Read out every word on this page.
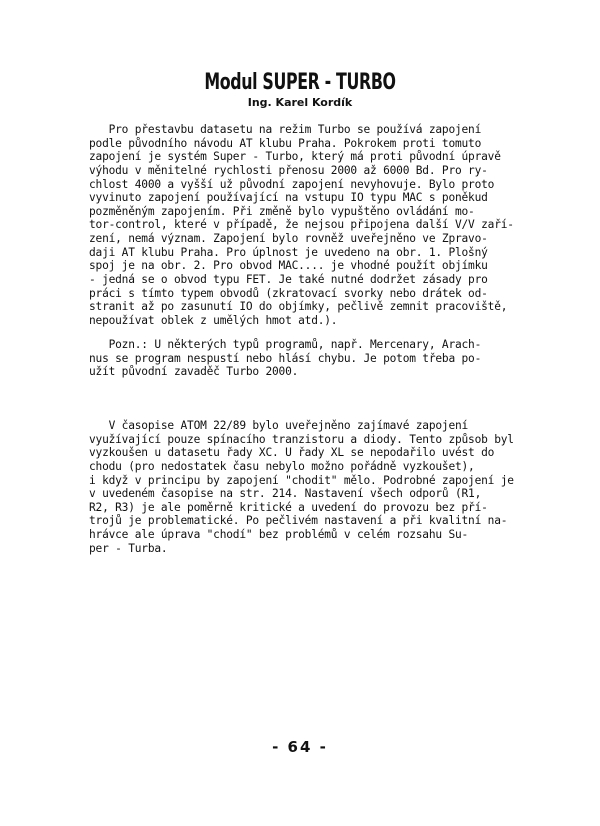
Modul SUPER - TURBO
Ing. Karel Kordík
Pro přestavbu datasetu na režim Turbo se používá zapojení
podle původního návodu AT klubu Praha. Pokrokem proti tomuto
zapojení je systém Super - Turbo, který má proti původní úpravě
výhodu v měnitelné rychlosti přenosu 2000 až 6000 Bd. Pro ry-
chlost 4000 a vyšší už původní zapojení nevyhovuje. Bylo proto
vyvinuto zapojení používající na vstupu IO typu MAC s poněkud
pozměněným zapojením. Při změně bylo vypuštěno ovládání mo-
tor-control, které v případě, že nejsou připojena další V/V zaří-
zení, nemá význam. Zapojení bylo rovněž uveřejněno ve Zpravo-
daji AT klubu Praha. Pro úplnost je uvedeno na obr. 1. Plošný
spoj je na obr. 2. Pro obvod MAC.... je vhodné použít objímku
- jedná se o obvod typu FET. Je také nutné dodržet zásady pro
práci s tímto typem obvodů (zkratovací svorky nebo drátek od-
stranit až po zasunutí IO do objímky, pečlivě zemnit pracoviště,
nepoužívat oblek z umělých hmot atd.).
Pozn.: U některých typů programů, např. Mercenary, Arach-
nus se program nespustí nebo hlásí chybu. Je potom třeba po-
užít původní zavaděč Turbo 2000.
V časopise ATOM 22/89 bylo uveřejněno zajímavé zapojení
využívající pouze spínacího tranzistoru a diody. Tento způsob byl
vyzkoušen u datasetu řady XC. U řady XL se nepodařilo uvést do
chodu (pro nedostatek času nebylo možno pořádně vyzkoušet),
i když v principu by zapojení "chodit" mělo. Podrobné zapojení je
v uvedeném časopise na str. 214. Nastavení všech odporů (R1,
R2, R3) je ale poměrně kritické a uvedení do provozu bez pří-
trojů je problematické. Po pečlivém nastavení a při kvalitní na-
hrávce ale úprava "chodí" bez problémů v celém rozsahu Su-
per - Turba.
- 64 -
